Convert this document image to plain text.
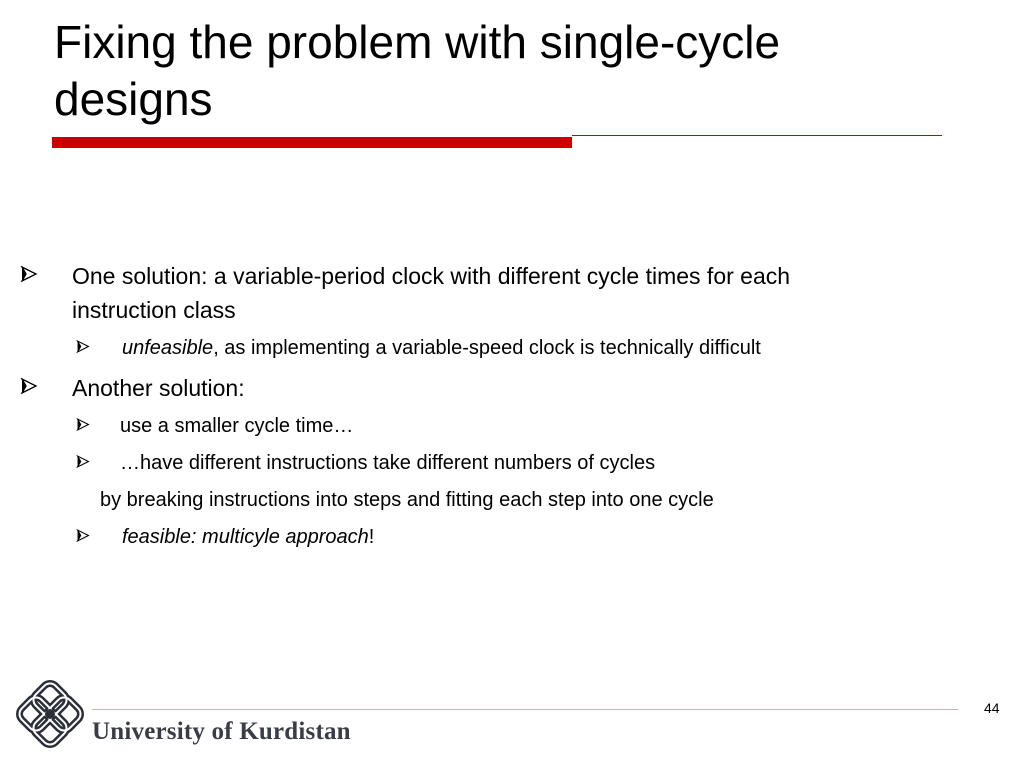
Fixing the problem with single-cycle
designs
One solution: a variable-period clock with different cycle times for each
instruction class
unfeasible, as implementing a variable-speed clock is technically difficult
Another solution:
use a smaller cycle time…
…have different instructions take different numbers of cycles
by breaking instructions into steps and fitting each step into one cycle
feasible: multicyle approach!
44
University of Kurdistan
